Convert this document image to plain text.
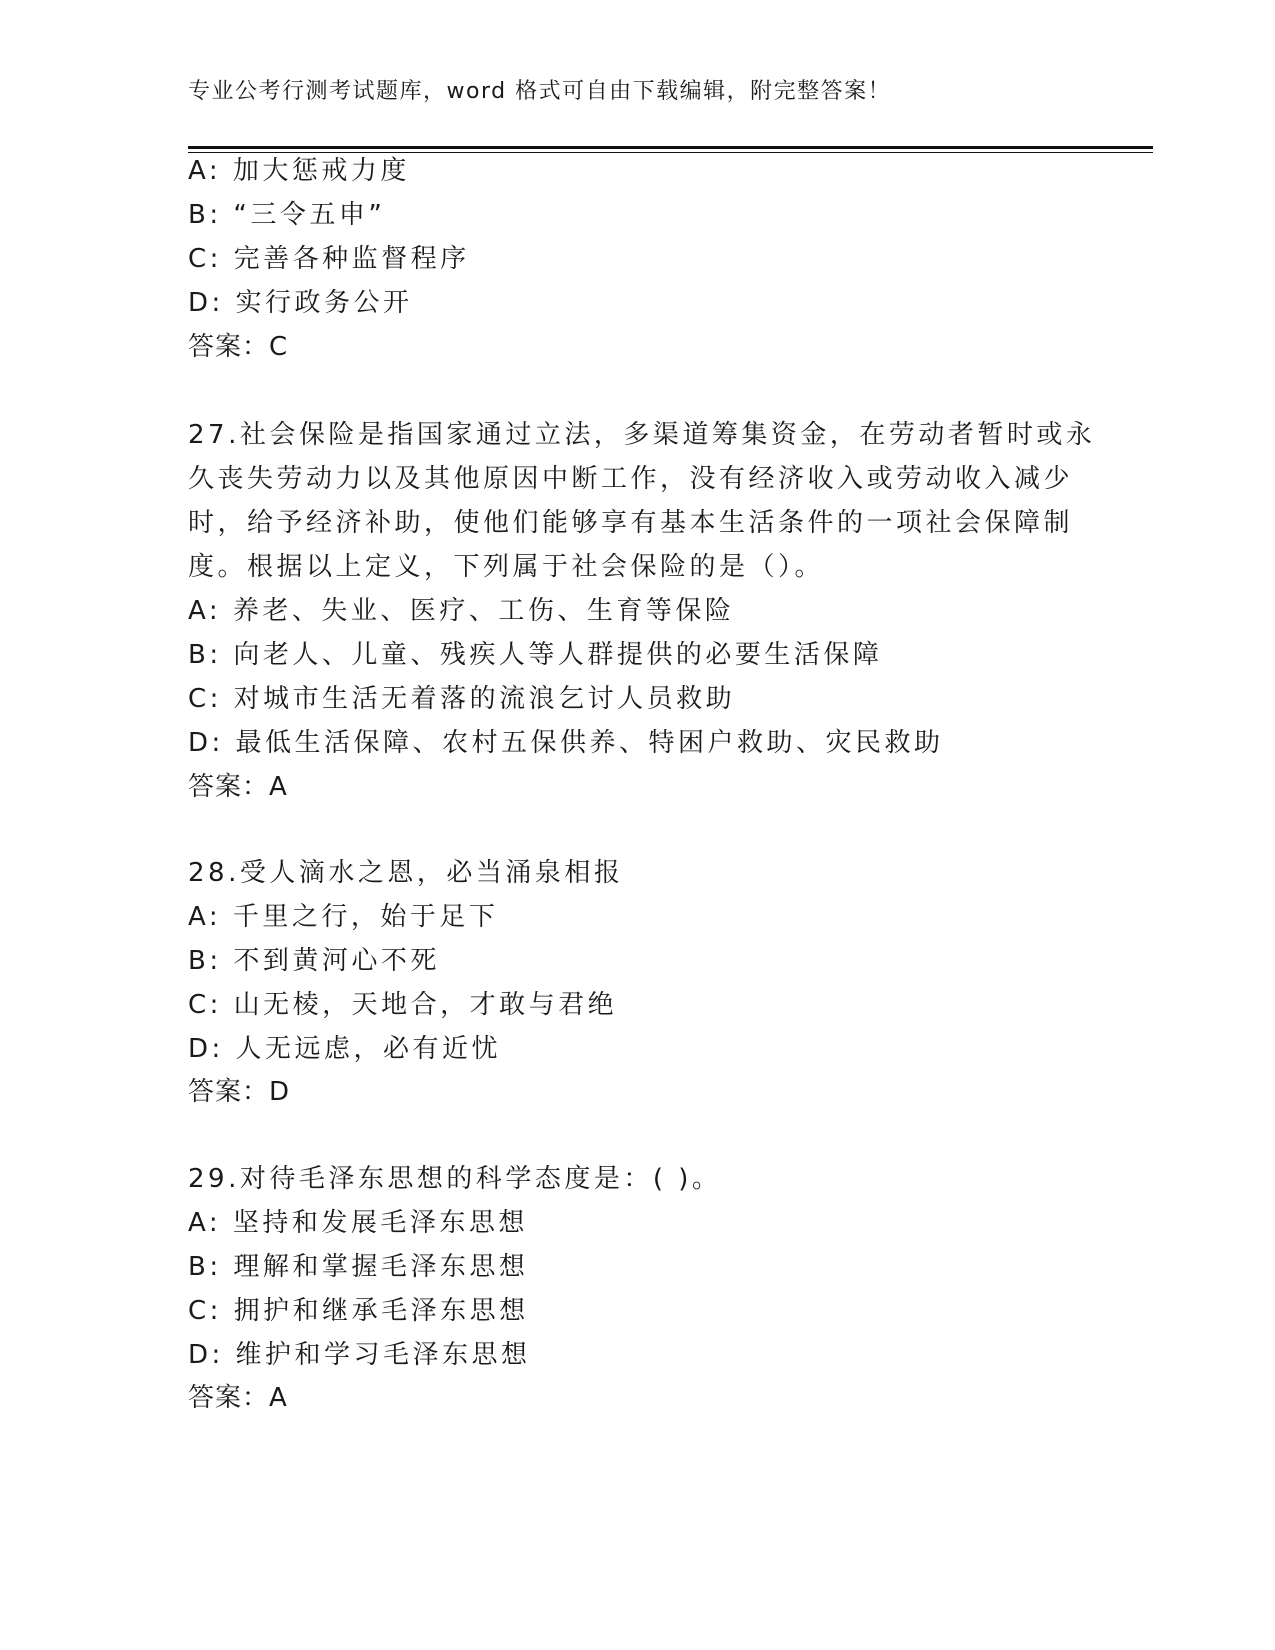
专业公考行测考试题库，word 格式可自由下载编辑，附完整答案！
A: 加大惩戒力度
B: “三令五申”
C: 完善各种监督程序
D: 实行政务公开
答案：C
27.社会保险是指国家通过立法，多渠道筹集资金，在劳动者暂时或永
久丧失劳动力以及其他原因中断工作，没有经济收入或劳动收入减少
时，给予经济补助，使他们能够享有基本生活条件的一项社会保障制
度。根据以上定义，下列属于社会保险的是（）。
A: 养老、失业、医疗、工伤、生育等保险
B: 向老人、儿童、残疾人等人群提供的必要生活保障
C: 对城市生活无着落的流浪乞讨人员救助
D: 最低生活保障、农村五保供养、特困户救助、灾民救助
答案：A
28.受人滴水之恩，必当涌泉相报
A: 千里之行，始于足下
B: 不到黄河心不死
C: 山无棱，天地合，才敢与君绝
D: 人无远虑，必有近忧
答案：D
29.对待毛泽东思想的科学态度是：( )。
A: 坚持和发展毛泽东思想
B: 理解和掌握毛泽东思想
C: 拥护和继承毛泽东思想
D: 维护和学习毛泽东思想
答案：A
